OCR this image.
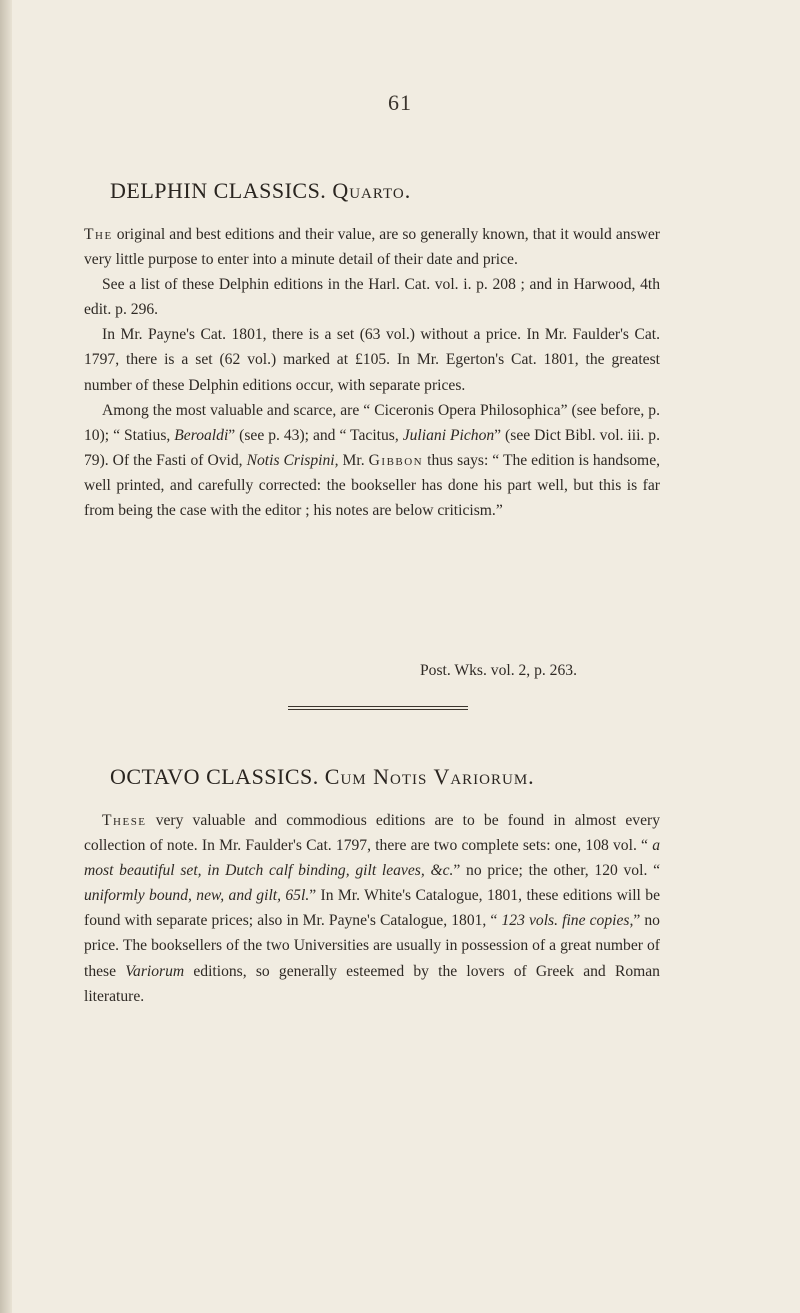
61
DELPHIN CLASSICS. Quarto.

The original and best editions and their value, are so generally known, that it would answer very little purpose to enter into a minute detail of their date and price.

See a list of these Delphin editions in the Harl. Cat. vol. i. p. 208 ; and in Harwood, 4th edit. p. 296.

In Mr. Payne's Cat. 1801, there is a set (63 vol.) without a price. In Mr. Faulder's Cat. 1797, there is a set (62 vol.) marked at £105. In Mr. Egerton's Cat. 1801, the greatest number of these Delphin editions occur, with separate prices.

Among the most valuable and scarce, are “ Ciceronis Opera Philosophica” (see before, p. 10); “ Statius, Beroaldi” (see p. 43); and “ Tacitus, Juliani Pichon” (see Dict Bibl. vol. iii. p. 79). Of the Fasti of Ovid, Notis Crispini, Mr. Gibbon thus says: “ The edition is handsome, well printed, and carefully corrected: the bookseller has done his part well, but this is far from being the case with the editor ; his notes are below criticism.”

Post. Wks. vol. 2, p. 263.
OCTAVO CLASSICS. Cum Notis Variorum.

These very valuable and commodious editions are to be found in almost every collection of note. In Mr. Faulder's Cat. 1797, there are two complete sets: one, 108 vol. “ a most beautiful set, in Dutch calf binding, gilt leaves, &c.” no price; the other, 120 vol. “ uniformly bound, new, and gilt, 65l.” In Mr. White's Catalogue, 1801, these editions will be found with separate prices; also in Mr. Payne's Catalogue, 1801, “ 123 vols. fine copies,” no price. The booksellers of the two Universities are usually in possession of a great number of these Variorum editions, so generally esteemed by the lovers of Greek and Roman literature.
